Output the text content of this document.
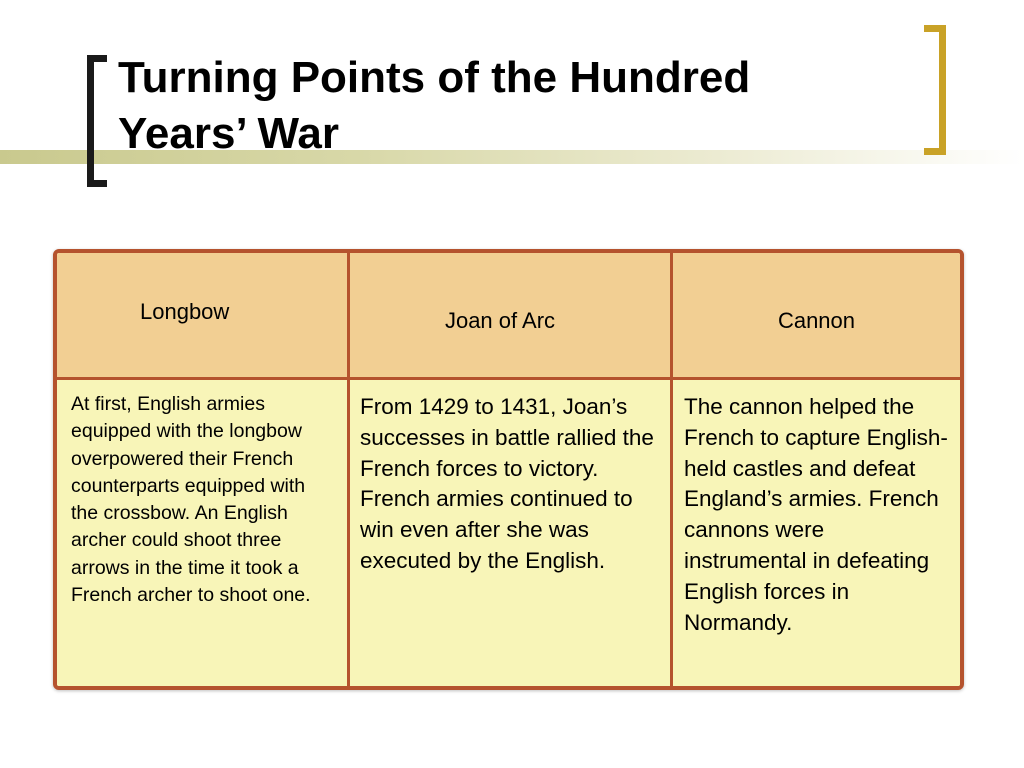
Turning Points of the Hundred
Years’ War
Longbow	Joan of Arc	Cannon
At first, English armies equipped with the longbow overpowered their French counterparts equipped with the crossbow. An English archer could shoot three arrows in the time it took a French archer to shoot one.
From 1429 to 1431, Joan’s successes in battle rallied the French forces to victory. French armies continued to win even after she was executed by the English.
The cannon helped the French to capture English-held castles and defeat England’s armies. French cannons were instrumental in defeating English forces in Normandy.
